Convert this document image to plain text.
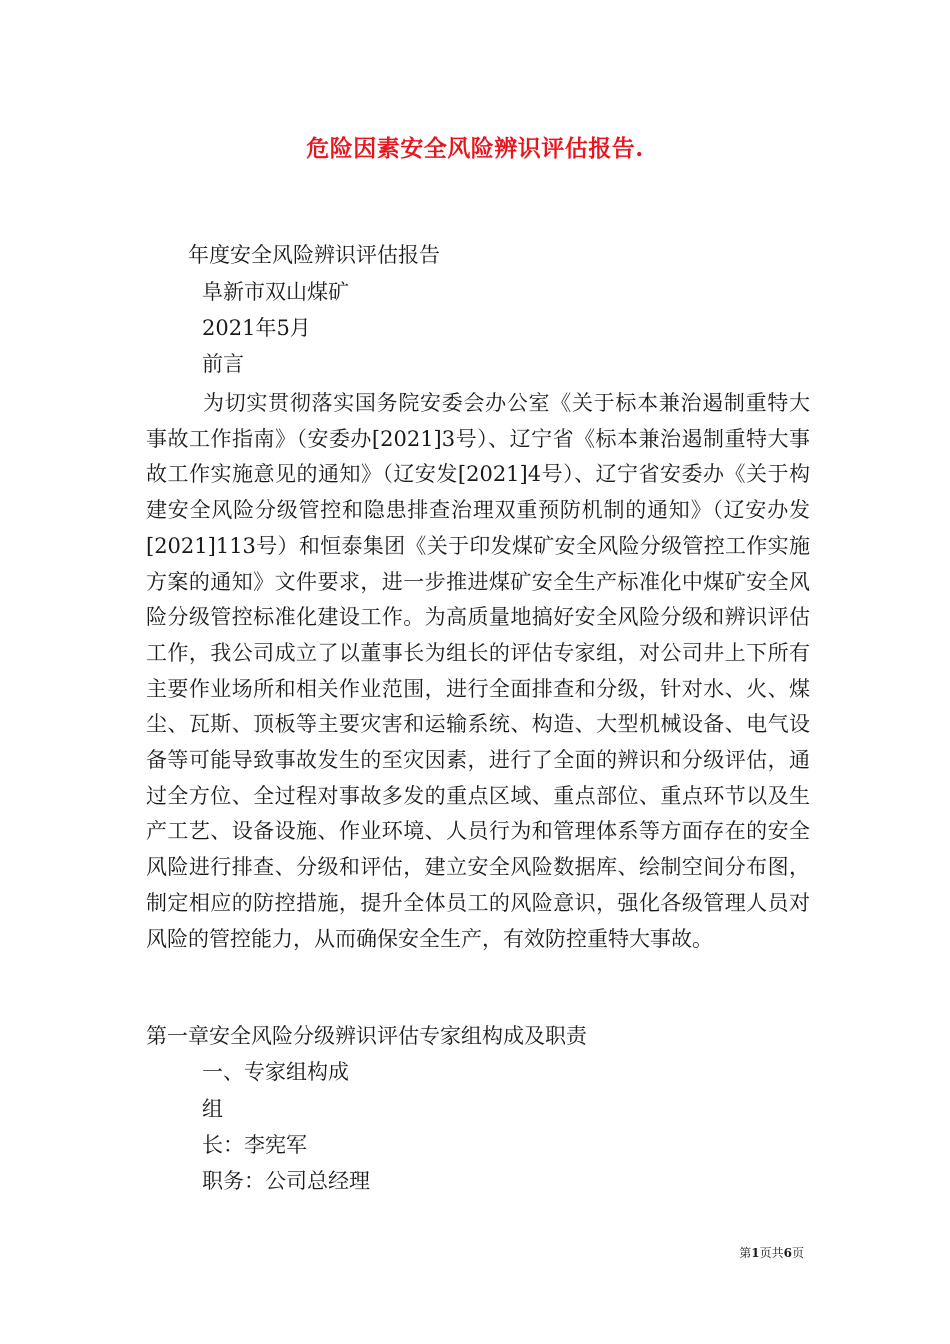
危险因素安全风险辨识评估报告.
年度安全风险辨识评估报告
阜新市双山煤矿
2021年5月
前言

为切实贯彻落实国务院安委会办公室《关于标本兼治遏制重特大事故工作指南》（安委办[2021]3号）、辽宁省《标本兼治遏制重特大事故工作实施意见的通知》（辽安发[2021]4号）、辽宁省安委办《关于构建安全风险分级管控和隐患排查治理双重预防机制的通知》（辽安办发[2021]113号）和恒泰集团《关于印发煤矿安全风险分级管控工作实施方案的通知》文件要求，进一步推进煤矿安全生产标准化中煤矿安全风险分级管控标准化建设工作。为高质量地搞好安全风险分级和辨识评估工作，我公司成立了以董事长为组长的评估专家组，对公司井上下所有主要作业场所和相关作业范围，进行全面排查和分级，针对水、火、煤尘、瓦斯、顶板等主要灾害和运输系统、构造、大型机械设备、电气设备等可能导致事故发生的至灾因素，进行了全面的辨识和分级评估，通过全方位、全过程对事故多发的重点区域、重点部位、重点环节以及生产工艺、设备设施、作业环境、人员行为和管理体系等方面存在的安全风险进行排查、分级和评估，建立安全风险数据库、绘制空间分布图，制定相应的防控措施，提升全体员工的风险意识，强化各级管理人员对风险的管控能力，从而确保安全生产，有效防控重特大事故。

第一章安全风险分级辨识评估专家组构成及职责
一、专家组构成
组
长：李宪军
职务：公司总经理
第1页共6页
